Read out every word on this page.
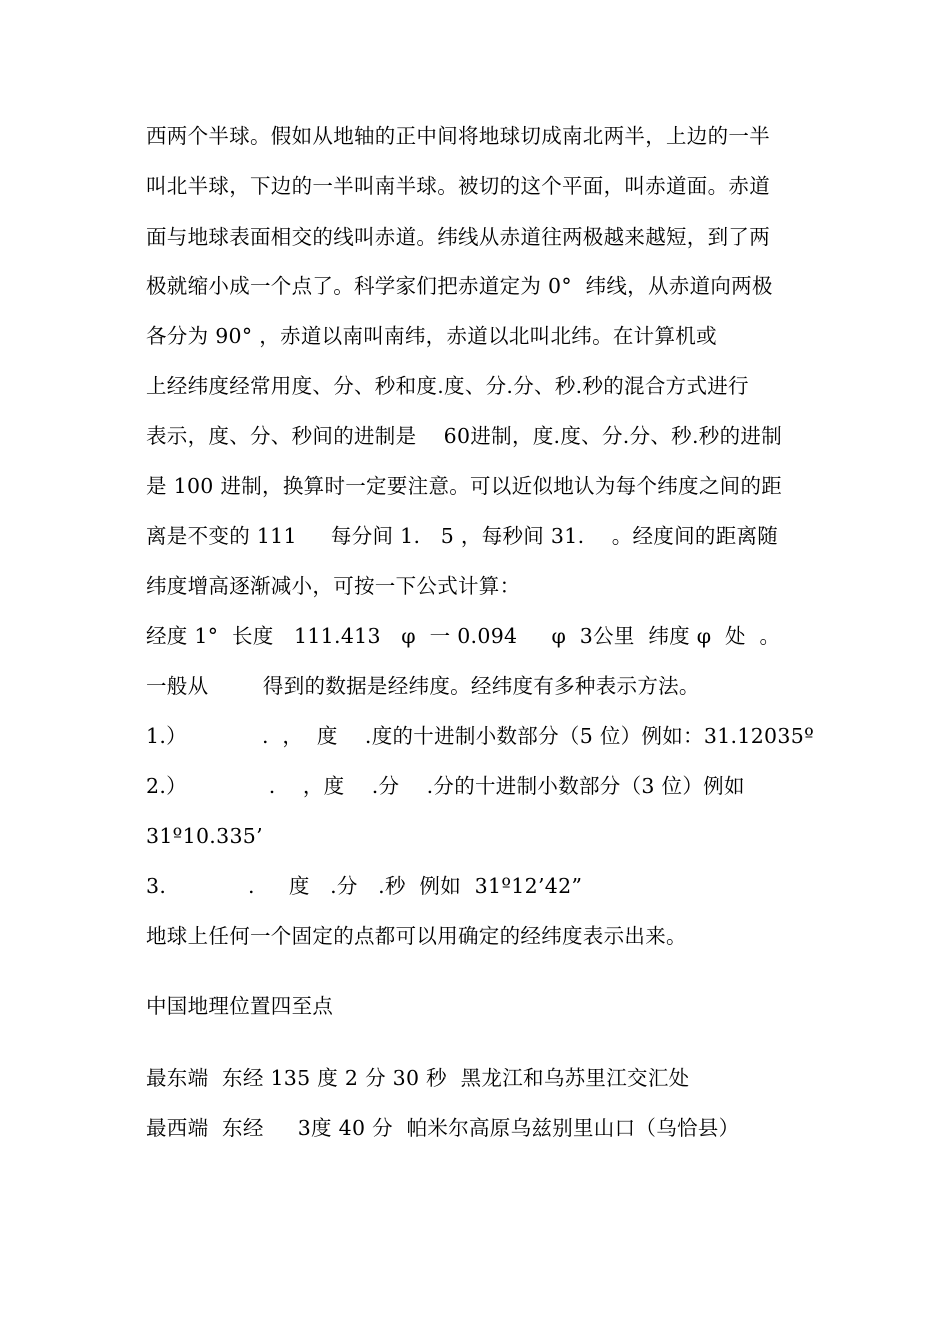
西两个半球。假如从地轴的正中间将地球切成南北两半，上边的一半
叫北半球，下边的一半叫南半球。被切的这个平面，叫赤道面。赤道
面与地球表面相交的线叫赤道。纬线从赤道往两极越来越短，到了两
极就缩小成一个点了。科学家们把赤道定为 0°  纬线，从赤道向两极
各分为 90° ，赤道以南叫南纬，赤道以北叫北纬。在计算机或
上经纬度经常用度、分、秒和度.度、分.分、秒.秒的混合方式进行
表示，度、分、秒间的进制是    60进制，度.度、分.分、秒.秒的进制
是 100 进制，换算时一定要注意。可以近似地认为每个纬度之间的距
离是不变的 111     每分间 1.   5 ，每秒间 31.    。经度间的距离随
纬度增高逐渐减小，可按一下公式计算：
经度 1°  长度   111.413   φ  一 0.094     φ  3公里  纬度 φ  处  。
一般从        得到的数据是经纬度。经纬度有多种表示方法。
1.）           .  ，  度    .度的十进制小数部分（5 位）例如：31.12035º
2.）            .    ，度    .分    .分的十进制小数部分（3 位）例如
31º10.335’
3.            .     度   .分   .秒  例如  31º12’42”
地球上任何一个固定的点都可以用确定的经纬度表示出来。
中国地理位置四至点
最东端  东经 135 度 2 分 30 秒  黑龙江和乌苏里江交汇处
最西端  东经     3度 40 分  帕米尔高原乌兹别里山口（乌恰县）
